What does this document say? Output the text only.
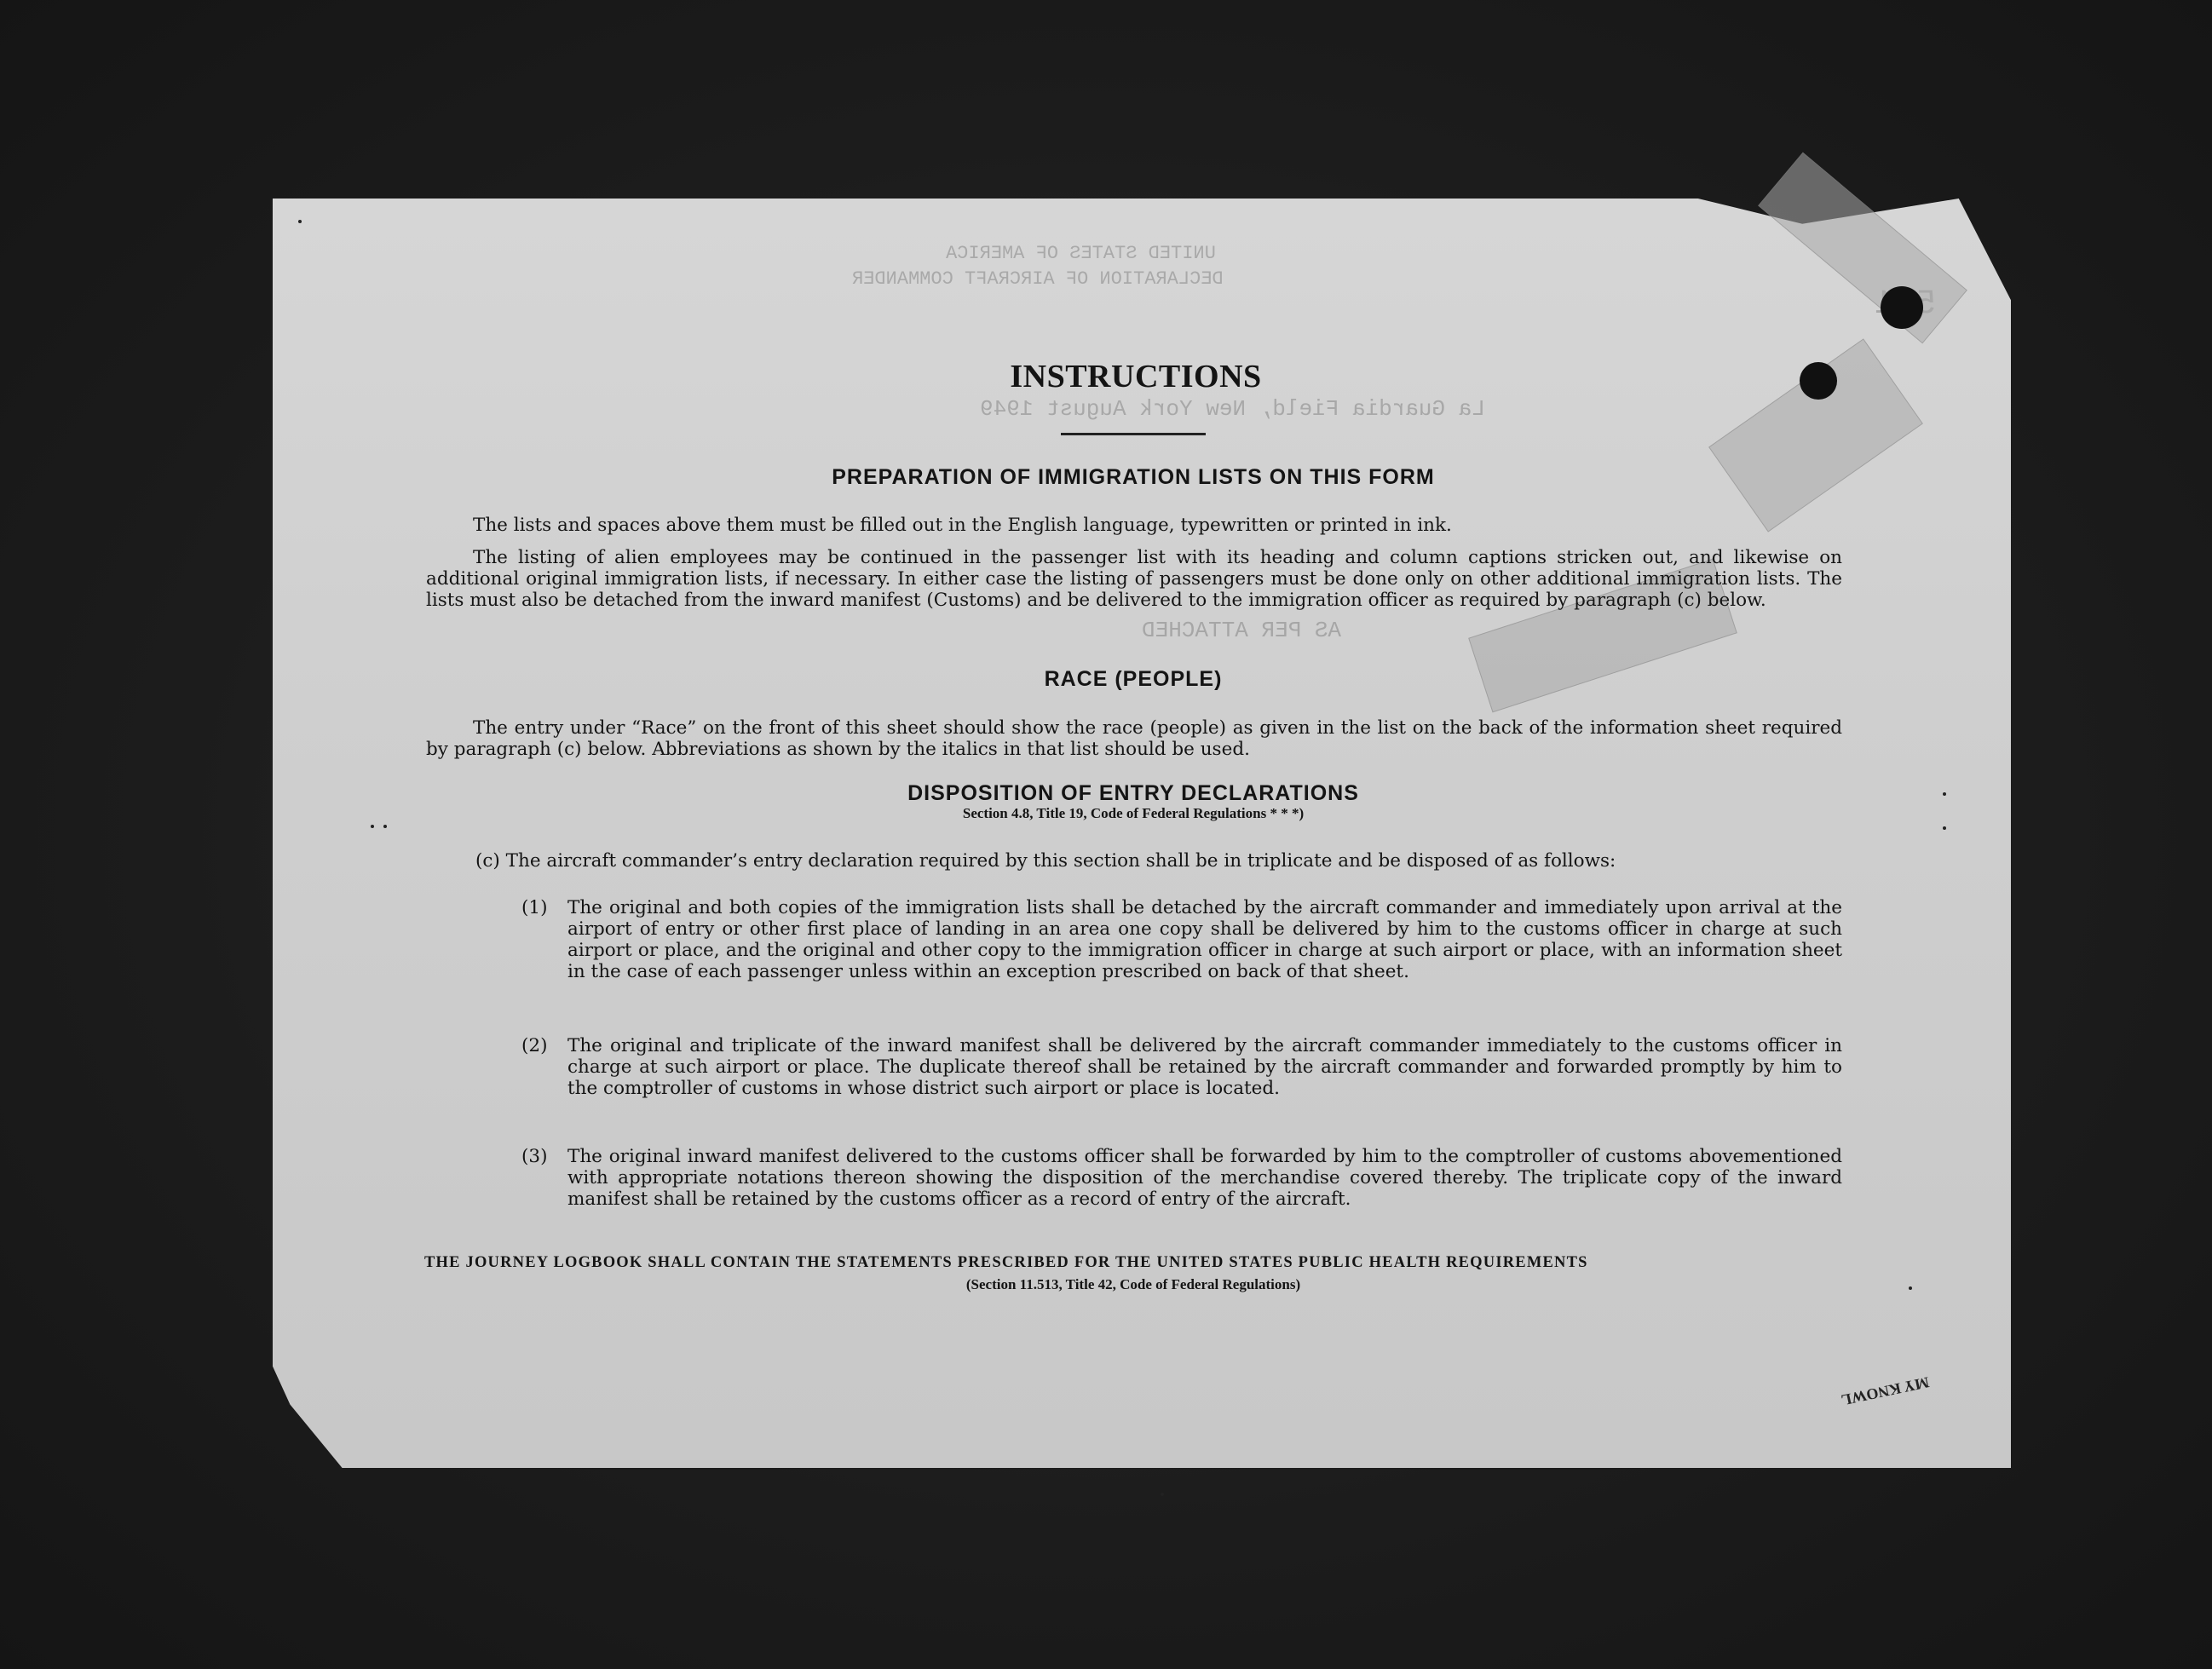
UNITED STATES OF AMERICA
DECLARATION OF AIRCRAFT COMMANDER
La Guardia Field, New York August 1949
AS PER ATTACHED
INSTRUCTIONS
PREPARATION OF IMMIGRATION LISTS ON THIS FORM
The lists and spaces above them must be filled out in the English language, typewritten or printed in ink.
The listing of alien employees may be continued in the passenger list with its heading and column captions stricken out, and likewise on additional original immigration lists, if necessary. In either case the listing of passengers must be done only on other additional immigration lists. The lists must also be detached from the inward manifest (Customs) and be delivered to the immigration officer as required by paragraph (c) below.
RACE (PEOPLE)
The entry under “Race” on the front of this sheet should show the race (people) as given in the list on the back of the information sheet required by paragraph (c) below. Abbreviations as shown by the italics in that list should be used.
DISPOSITION OF ENTRY DECLARATIONS
Section 4.8, Title 19, Code of Federal Regulations * * *)
(c) The aircraft commander’s entry declaration required by this section shall be in triplicate and be disposed of as follows:
(1) The original and both copies of the immigration lists shall be detached by the aircraft commander and immediately upon arrival at the airport of entry or other first place of landing in an area one copy shall be delivered by him to the customs officer in charge at such airport or place, and the original and other copy to the immigration officer in charge at such airport or place, with an information sheet in the case of each passenger unless within an exception prescribed on back of that sheet.
(2) The original and triplicate of the inward manifest shall be delivered by the aircraft commander immediately to the customs officer in charge at such airport or place. The duplicate thereof shall be retained by the aircraft commander and forwarded promptly by him to the comptroller of customs in whose district such airport or place is located.
(3) The original inward manifest delivered to the customs officer shall be forwarded by him to the comptroller of customs abovementioned with appropriate notations thereon showing the disposition of the merchandise covered thereby. The triplicate copy of the inward manifest shall be retained by the customs officer as a record of entry of the aircraft.
THE JOURNEY LOGBOOK SHALL CONTAIN THE STATEMENTS PRESCRIBED FOR THE UNITED STATES PUBLIC HEALTH REQUIREMENTS
(Section 11.513, Title 42, Code of Federal Regulations)
MY KNOWL
